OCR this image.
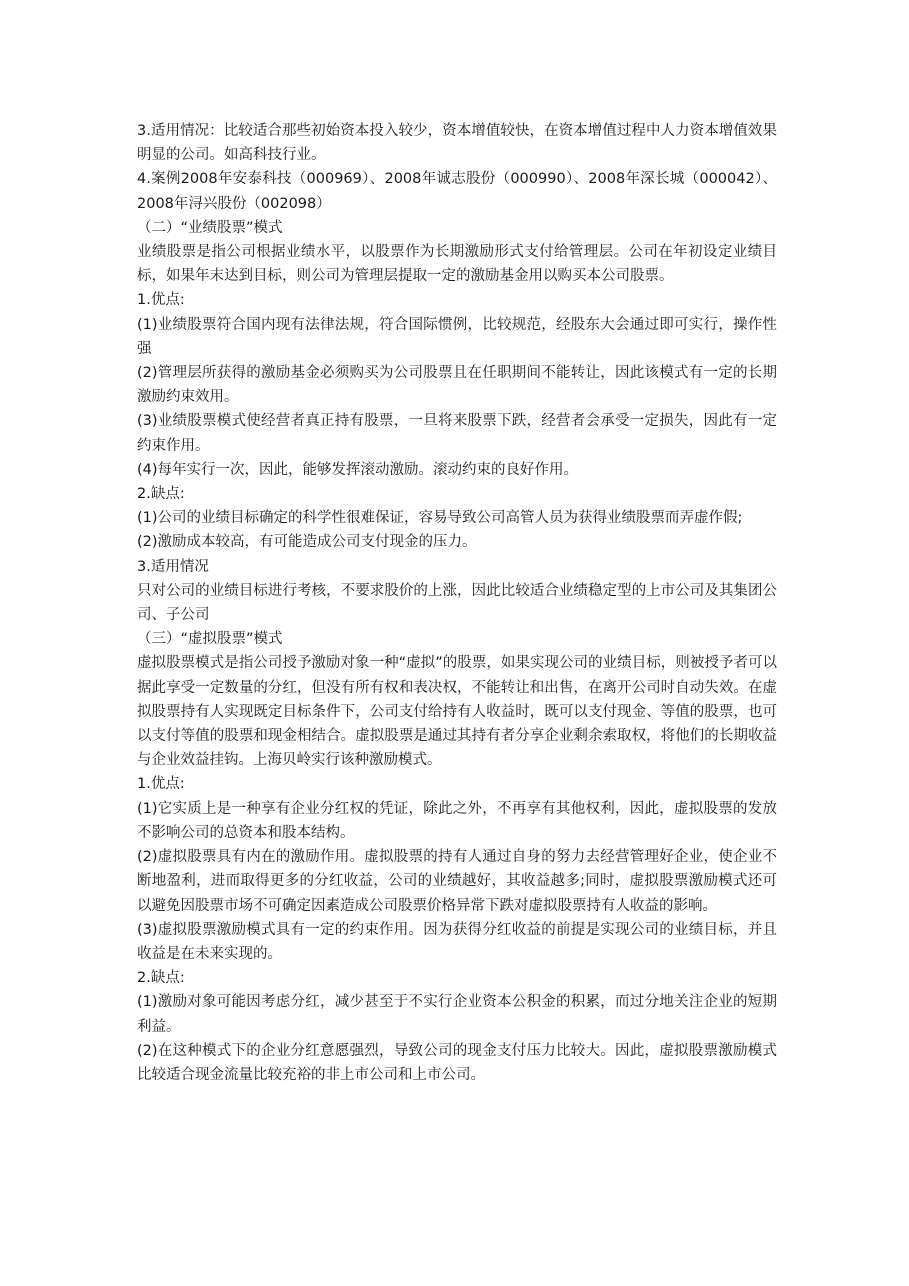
3.适用情况：比较适合那些初始资本投入较少，资本增值较快，在资本增值过程中人力资本增值效果明显的公司。如高科技行业。

4.案例2008年安泰科技（000969）、2008年诚志股份（000990）、2008年深长城（000042）、2008年浔兴股份（002098）

（二）“业绩股票”模式

业绩股票是指公司根据业绩水平，以股票作为长期激励形式支付给管理层。公司在年初设定业绩目标，如果年末达到目标，则公司为管理层提取一定的激励基金用以购买本公司股票。

1.优点:

(1)业绩股票符合国内现有法律法规，符合国际惯例，比较规范，经股东大会通过即可实行，操作性强

(2)管理层所获得的激励基金必须购买为公司股票且在任职期间不能转让，因此该模式有一定的长期激励约束效用。

(3)业绩股票模式使经营者真正持有股票，一旦将来股票下跌，经营者会承受一定损失，因此有一定约束作用。

(4)每年实行一次，因此，能够发挥滚动激励。滚动约束的良好作用。

2.缺点:

(1)公司的业绩目标确定的科学性很难保证，容易导致公司高管人员为获得业绩股票而弄虚作假;

(2)激励成本较高，有可能造成公司支付现金的压力。

3.适用情况

只对公司的业绩目标进行考核，不要求股价的上涨，因此比较适合业绩稳定型的上市公司及其集团公司、子公司

（三）“虚拟股票”模式

虚拟股票模式是指公司授予激励对象一种“虚拟”的股票，如果实现公司的业绩目标，则被授予者可以据此享受一定数量的分红，但没有所有权和表决权，不能转让和出售，在离开公司时自动失效。在虚拟股票持有人实现既定目标条件下，公司支付给持有人收益时，既可以支付现金、等值的股票，也可以支付等值的股票和现金相结合。虚拟股票是通过其持有者分享企业剩余索取权，将他们的长期收益与企业效益挂钩。上海贝岭实行该种激励模式。

1.优点:

(1)它实质上是一种享有企业分红权的凭证，除此之外，不再享有其他权利，因此，虚拟股票的发放不影响公司的总资本和股本结构。

(2)虚拟股票具有内在的激励作用。虚拟股票的持有人通过自身的努力去经营管理好企业，使企业不断地盈利，进而取得更多的分红收益，公司的业绩越好，其收益越多;同时，虚拟股票激励模式还可以避免因股票市场不可确定因素造成公司股票价格异常下跌对虚拟股票持有人收益的影响。

(3)虚拟股票激励模式具有一定的约束作用。因为获得分红收益的前提是实现公司的业绩目标，并且收益是在未来实现的。

2.缺点:

(1)激励对象可能因考虑分红，减少甚至于不实行企业资本公积金的积累，而过分地关注企业的短期利益。

(2)在这种模式下的企业分红意愿强烈，导致公司的现金支付压力比较大。因此，虚拟股票激励模式比较适合现金流量比较充裕的非上市公司和上市公司。
